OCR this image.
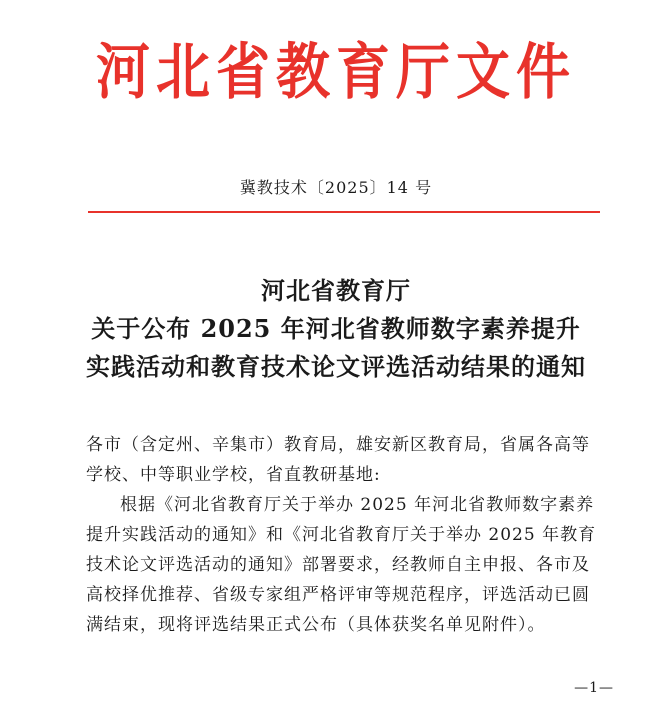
河北省教育厅文件
冀教技术〔2025〕14 号
河北省教育厅
关于公布 2025 年河北省教师数字素养提升
实践活动和教育技术论文评选活动结果的通知
各市（含定州、辛集市）教育局，雄安新区教育局，省属各高等
学校、中等职业学校，省直教研基地:
根据《河北省教育厅关于举办 2025 年河北省教师数字素养
提升实践活动的通知》和《河北省教育厅关于举办 2025 年教育
技术论文评选活动的通知》部署要求，经教师自主申报、各市及
高校择优推荐、省级专家组严格评审等规范程序，评选活动已圆
满结束，现将评选结果正式公布（具体获奖名单见附件）。
—1—
